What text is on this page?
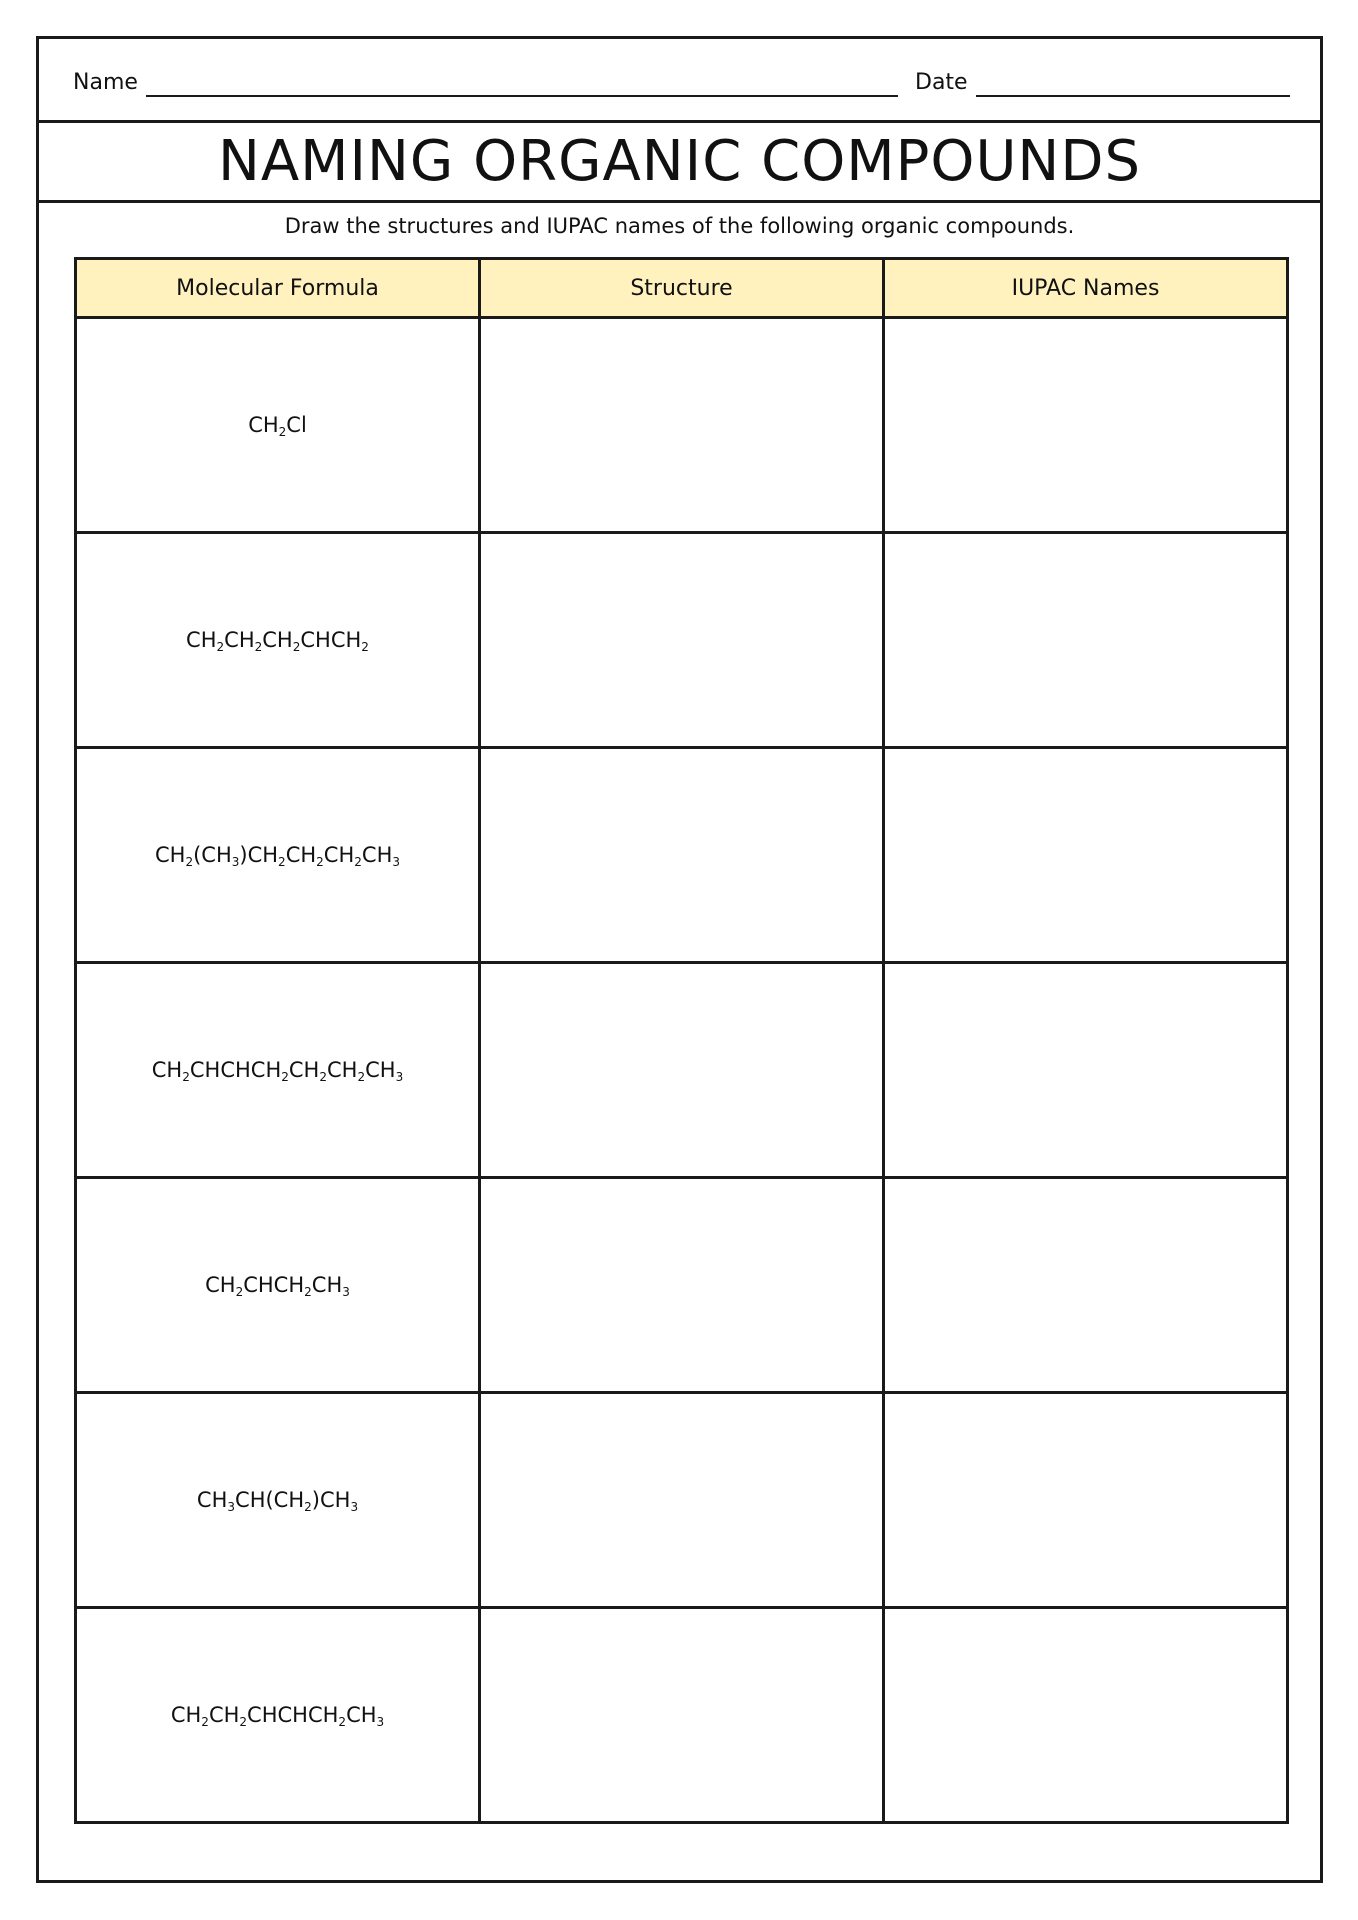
Name	Date
NAMING ORGANIC COMPOUNDS
Draw the structures and IUPAC names of the following organic compounds.
Molecular Formula	Structure	IUPAC Names
$CH_2Cl$		
$CH_2CH_2CH_2CHCH_2$		
$CH_2(CH_3)CH_2CH_2CH_2CH_3$		
$CH_2CHCHCH_2CH_2CH_2CH_3$		
$CH_2CHCH_2CH_3$		
$CH_3CH(CH_2)CH_3$		
$CH_2CH_2CHCHCH_2CH_3$		
